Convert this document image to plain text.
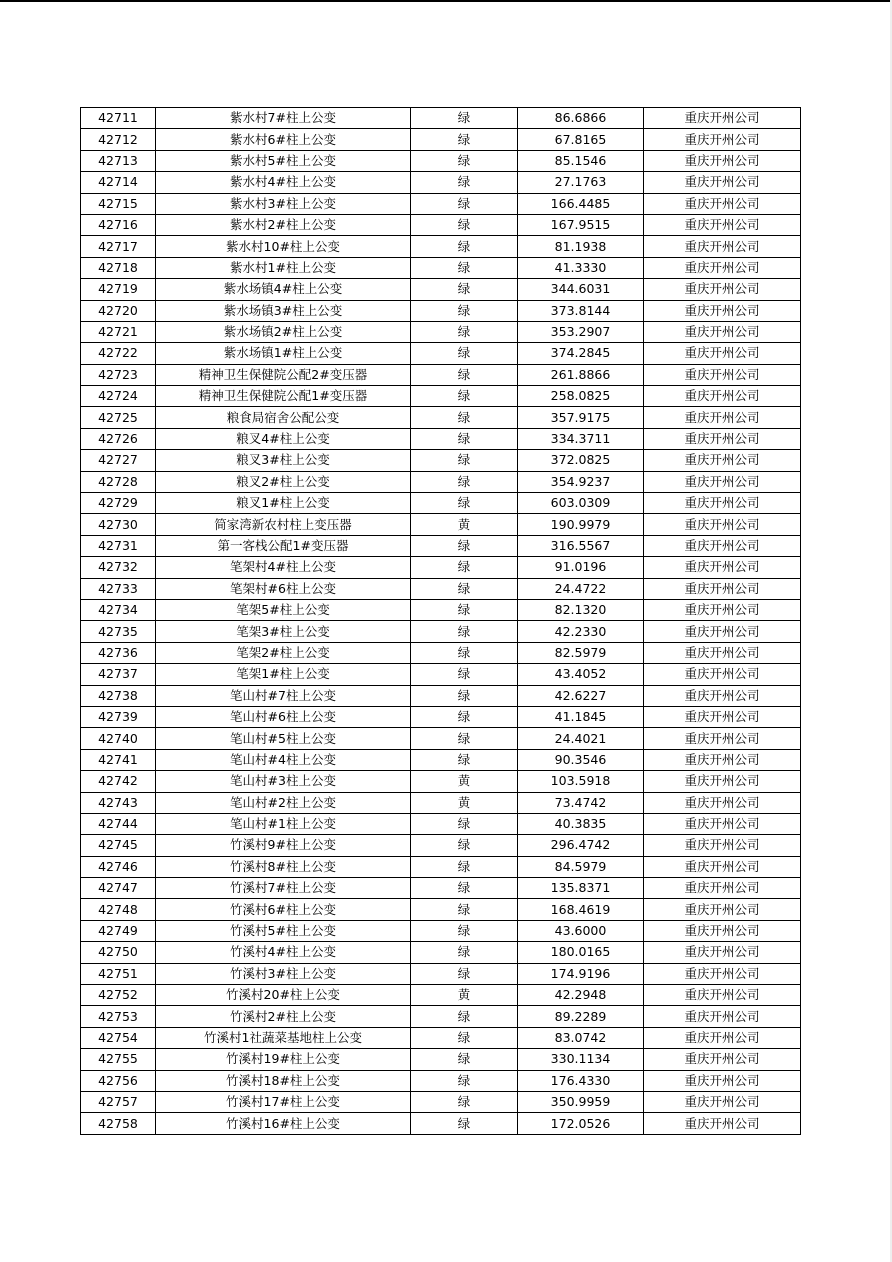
42711	紫水村7#柱上公变	绿	86.6866	重庆开州公司
42712	紫水村6#柱上公变	绿	67.8165	重庆开州公司
42713	紫水村5#柱上公变	绿	85.1546	重庆开州公司
42714	紫水村4#柱上公变	绿	27.1763	重庆开州公司
42715	紫水村3#柱上公变	绿	166.4485	重庆开州公司
42716	紫水村2#柱上公变	绿	167.9515	重庆开州公司
42717	紫水村10#柱上公变	绿	81.1938	重庆开州公司
42718	紫水村1#柱上公变	绿	41.3330	重庆开州公司
42719	紫水场镇4#柱上公变	绿	344.6031	重庆开州公司
42720	紫水场镇3#柱上公变	绿	373.8144	重庆开州公司
42721	紫水场镇2#柱上公变	绿	353.2907	重庆开州公司
42722	紫水场镇1#柱上公变	绿	374.2845	重庆开州公司
42723	精神卫生保健院公配2#变压器	绿	261.8866	重庆开州公司
42724	精神卫生保健院公配1#变压器	绿	258.0825	重庆开州公司
42725	粮食局宿舍公配公变	绿	357.9175	重庆开州公司
42726	粮叉4#柱上公变	绿	334.3711	重庆开州公司
42727	粮叉3#柱上公变	绿	372.0825	重庆开州公司
42728	粮叉2#柱上公变	绿	354.9237	重庆开州公司
42729	粮叉1#柱上公变	绿	603.0309	重庆开州公司
42730	简家湾新农村柱上变压器	黄	190.9979	重庆开州公司
42731	第一客栈公配1#变压器	绿	316.5567	重庆开州公司
42732	笔架村4#柱上公变	绿	91.0196	重庆开州公司
42733	笔架村#6柱上公变	绿	24.4722	重庆开州公司
42734	笔架5#柱上公变	绿	82.1320	重庆开州公司
42735	笔架3#柱上公变	绿	42.2330	重庆开州公司
42736	笔架2#柱上公变	绿	82.5979	重庆开州公司
42737	笔架1#柱上公变	绿	43.4052	重庆开州公司
42738	笔山村#7柱上公变	绿	42.6227	重庆开州公司
42739	笔山村#6柱上公变	绿	41.1845	重庆开州公司
42740	笔山村#5柱上公变	绿	24.4021	重庆开州公司
42741	笔山村#4柱上公变	绿	90.3546	重庆开州公司
42742	笔山村#3柱上公变	黄	103.5918	重庆开州公司
42743	笔山村#2柱上公变	黄	73.4742	重庆开州公司
42744	笔山村#1柱上公变	绿	40.3835	重庆开州公司
42745	竹溪村9#柱上公变	绿	296.4742	重庆开州公司
42746	竹溪村8#柱上公变	绿	84.5979	重庆开州公司
42747	竹溪村7#柱上公变	绿	135.8371	重庆开州公司
42748	竹溪村6#柱上公变	绿	168.4619	重庆开州公司
42749	竹溪村5#柱上公变	绿	43.6000	重庆开州公司
42750	竹溪村4#柱上公变	绿	180.0165	重庆开州公司
42751	竹溪村3#柱上公变	绿	174.9196	重庆开州公司
42752	竹溪村20#柱上公变	黄	42.2948	重庆开州公司
42753	竹溪村2#柱上公变	绿	89.2289	重庆开州公司
42754	竹溪村1社蔬菜基地柱上公变	绿	83.0742	重庆开州公司
42755	竹溪村19#柱上公变	绿	330.1134	重庆开州公司
42756	竹溪村18#柱上公变	绿	176.4330	重庆开州公司
42757	竹溪村17#柱上公变	绿	350.9959	重庆开州公司
42758	竹溪村16#柱上公变	绿	172.0526	重庆开州公司
